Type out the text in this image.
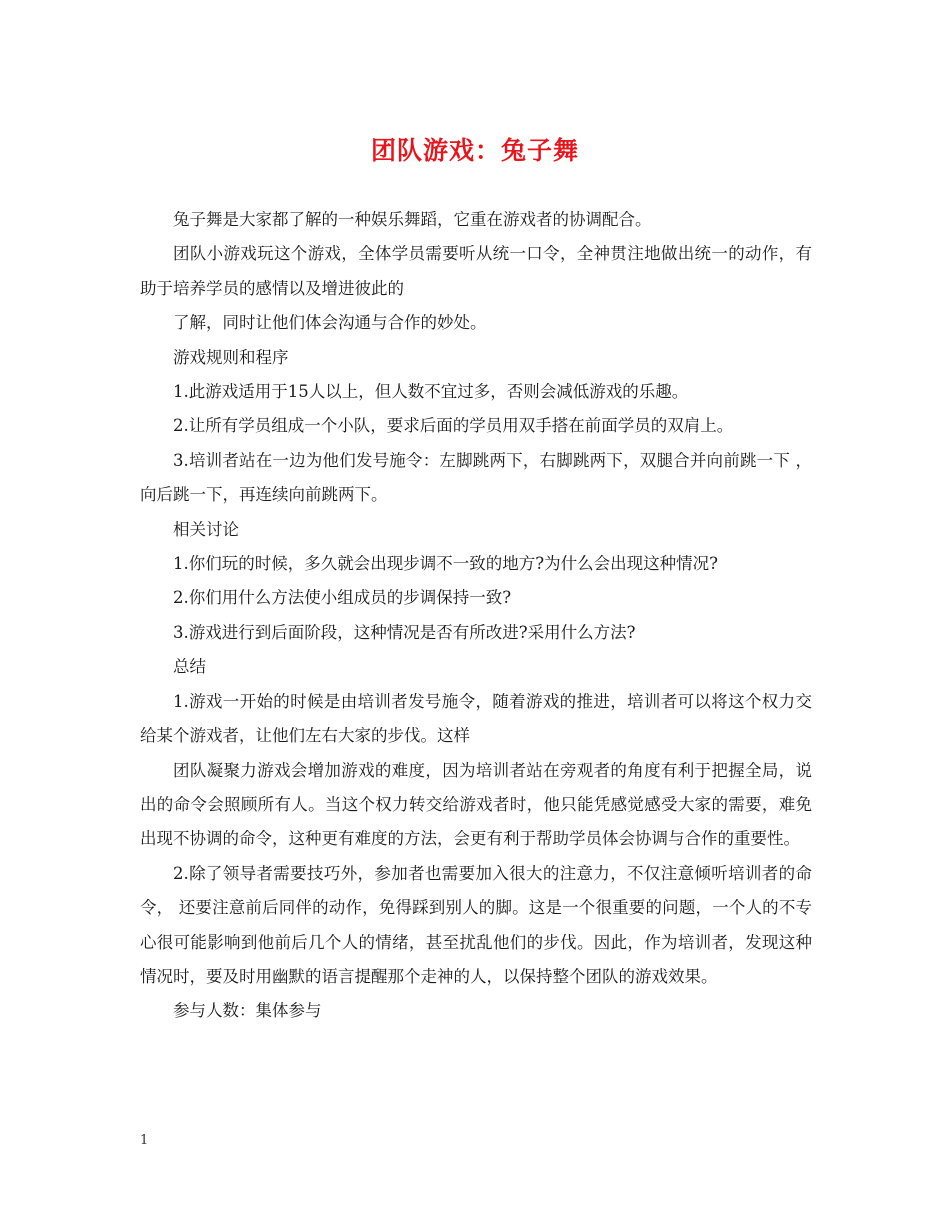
团队游戏：兔子舞

兔子舞是大家都了解的一种娱乐舞蹈，它重在游戏者的协调配合。

团队小游戏玩这个游戏，全体学员需要听从统一口令，全神贯注地做出统一的动作，有助于培养学员的感情以及增进彼此的

了解，同时让他们体会沟通与合作的妙处。

游戏规则和程序

1.此游戏适用于15人以上，但人数不宜过多，否则会减低游戏的乐趣。

2.让所有学员组成一个小队，要求后面的学员用双手搭在前面学员的双肩上。

3.培训者站在一边为他们发号施令：左脚跳两下，右脚跳两下，双腿合并向前跳一下 ，向后跳一下，再连续向前跳两下。

相关讨论

1.你们玩的时候，多久就会出现步调不一致的地方?为什么会出现这种情况?

2.你们用什么方法使小组成员的步调保持一致?

3.游戏进行到后面阶段，这种情况是否有所改进?采用什么方法?

总结

1.游戏一开始的时候是由培训者发号施令，随着游戏的推进，培训者可以将这个权力交给某个游戏者，让他们左右大家的步伐。这样

团队凝聚力游戏会增加游戏的难度，因为培训者站在旁观者的角度有利于把握全局，说出的命令会照顾所有人。当这个权力转交给游戏者时，他只能凭感觉感受大家的需要，难免出现不协调的命令，这种更有难度的方法，会更有利于帮助学员体会协调与合作的重要性。

2.除了领导者需要技巧外，参加者也需要加入很大的注意力，不仅注意倾听培训者的命令， 还要注意前后同伴的动作，免得踩到别人的脚。这是一个很重要的问题，一个人的不专心很可能影响到他前后几个人的情绪，甚至扰乱他们的步伐。因此，作为培训者，发现这种情况时，要及时用幽默的语言提醒那个走神的人，以保持整个团队的游戏效果。

参与人数：集体参与

1
